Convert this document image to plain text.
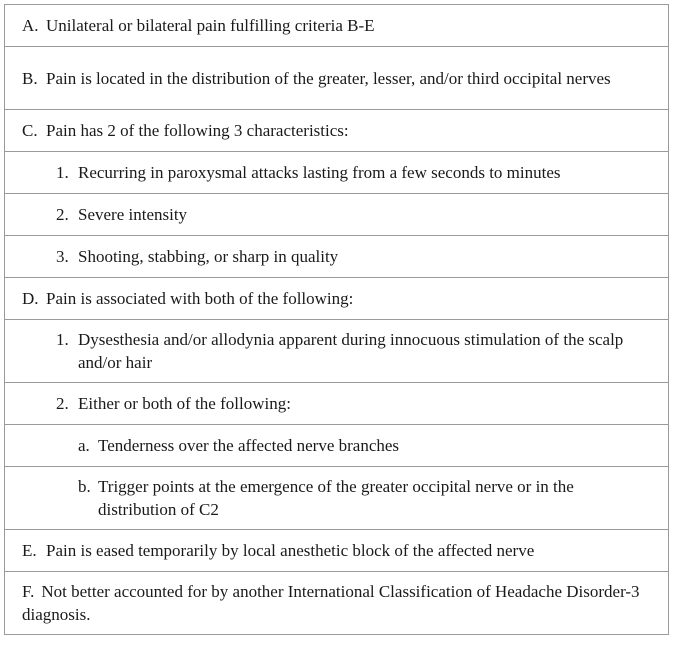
A. Unilateral or bilateral pain fulfilling criteria B-E

B. Pain is located in the distribution of the greater, lesser, and/or third occipital nerves

C. Pain has 2 of the following 3 characteristics:

1. Recurring in paroxysmal attacks lasting from a few seconds to minutes

2. Severe intensity

3. Shooting, stabbing, or sharp in quality

D. Pain is associated with both of the following:

1. Dysesthesia and/or allodynia apparent during innocuous stimulation of the scalp and/or hair

2. Either or both of the following:

a. Tenderness over the affected nerve branches

b. Trigger points at the emergence of the greater occipital nerve or in the distribution of C2

E. Pain is eased temporarily by local anesthetic block of the affected nerve

F. Not better accounted for by another International Classification of Headache Disorder-3 diagnosis.
